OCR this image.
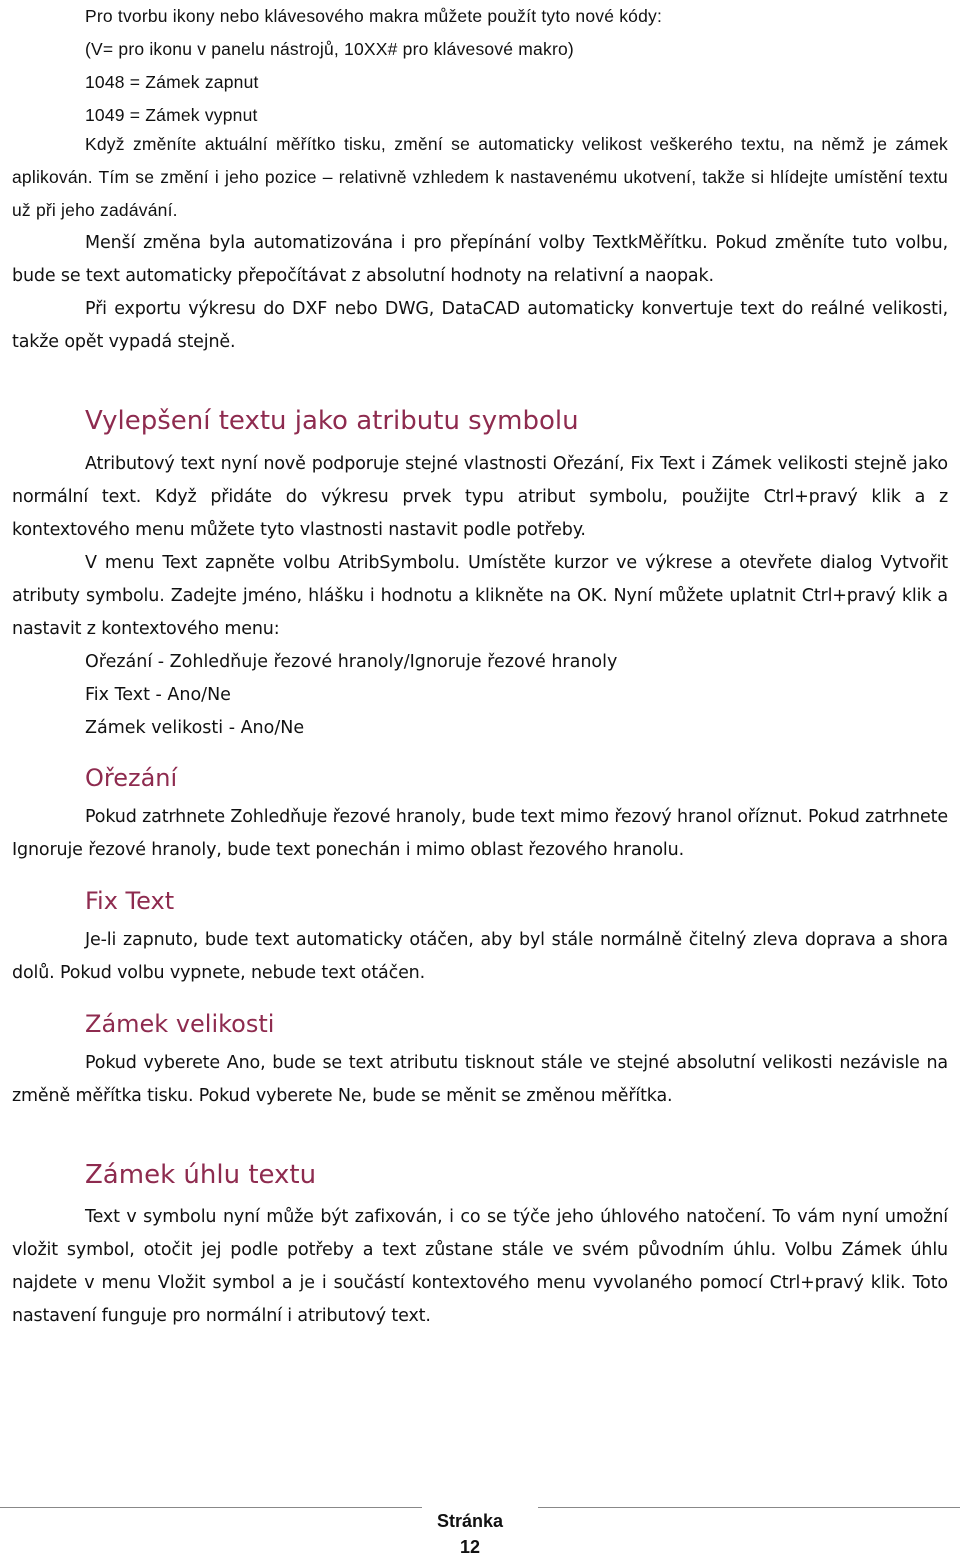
Pro tvorbu ikony nebo klávesového makra můžete použít tyto nové kódy:
(V= pro ikonu v panelu nástrojů, 10XX# pro klávesové makro)
1048 = Zámek zapnut
1049 = Zámek vypnut

Když změníte aktuální měřítko tisku, změní se automaticky velikost veškerého textu, na němž je zámek aplikován. Tím se změní i jeho pozice – relativně vzhledem k nastavenému ukotvení, takže si hlídejte umístění textu už při jeho zadávání.

Menší změna byla automatizována i pro přepínání volby TextkMěřítku. Pokud změníte tuto volbu, bude se text automaticky přepočítávat z absolutní hodnoty na relativní a naopak.

Při exportu výkresu do DXF nebo DWG, DataCAD automaticky konvertuje text do reálné velikosti, takže opět vypadá stejně.

Vylepšení textu jako atributu symbolu

Atributový text nyní nově podporuje stejné vlastnosti Ořezání, Fix Text i Zámek velikosti stejně jako normální text. Když přidáte do výkresu prvek typu atribut symbolu, použijte Ctrl+pravý klik a z kontextového menu můžete tyto vlastnosti nastavit podle potřeby.

V menu Text zapněte volbu AtribSymbolu. Umístěte kurzor ve výkrese a otevřete dialog Vytvořit atributy symbolu. Zadejte jméno, hlášku i hodnotu a klikněte na OK. Nyní můžete uplatnit Ctrl+pravý klik a nastavit z kontextového menu:

Ořezání - Zohledňuje řezové hranoly/Ignoruje řezové hranoly
Fix Text - Ano/Ne
Zámek velikosti - Ano/Ne
Ořezání

Pokud zatrhnete Zohledňuje řezové hranoly, bude text mimo řezový hranol oříznut. Pokud zatrhnete Ignoruje řezové hranoly, bude text ponechán i mimo oblast řezového hranolu.

Fix Text

Je-li zapnuto, bude text automaticky otáčen, aby byl stále normálně čitelný zleva doprava a shora dolů. Pokud volbu vypnete, nebude text otáčen.

Zámek velikosti

Pokud vyberete Ano, bude se text atributu tisknout stále ve stejné absolutní velikosti nezávisle na změně měřítka tisku. Pokud vyberete Ne, bude se měnit se změnou měřítka.

Zámek úhlu textu

Text v symbolu nyní může být zafixován, i co se týče jeho úhlového natočení. To vám nyní umožní vložit symbol, otočit jej podle potřeby a text zůstane stále ve svém původním úhlu. Volbu Zámek úhlu najdete v menu Vložit symbol a je i součástí kontextového menu vyvolaného pomocí Ctrl+pravý klik. Toto nastavení funguje pro normální i atributový text.

Stránka
12
